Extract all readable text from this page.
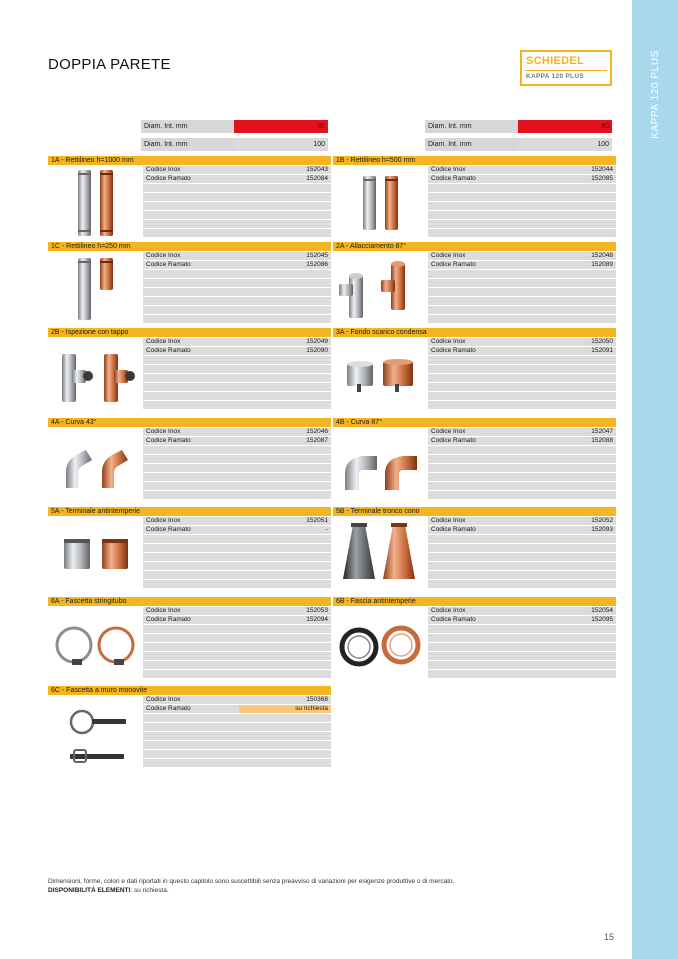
KAPPA 120 PLUS
DOPPIA PARETE	SCHIEDEL
KAPPA 120 PLUS
Diam. Int. mm	80
Diam. Int. mm	100
Diam. Int. mm	80
Diam. Int. mm	100
1A - Rettilineo h=1000 mm
Codice Inox	152043
Codice Ramato	152084
1B - Rettilineo h=500 mm
Codice Inox	152044
Codice Ramato	152085
1C - Rettilineo h=250 mm
Codice Inox	152045
Codice Ramato	152086
2A - Allacciamento 87°
Codice Inox	152048
Codice Ramato	152089
2B - Ispezione con tappo
Codice Inox	152049
Codice Ramato	152090
3A - Fondo scarico condensa
Codice Inox	152050
Codice Ramato	152091
4A - Curva 43°
Codice Inox	152046
Codice Ramato	152087
4B - Curva 87°
Codice Inox	152047
Codice Ramato	152088
5A - Terminale antintemperie
Codice Inox	152051
Codice Ramato	-
5B - Terminale tronco cono
Codice Inox	152052
Codice Ramato	152093
6A - Fascetta stringitubo
Codice Inox	152053
Codice Ramato	152094
6B - Fascia antintemperie
Codice Inox	152054
Codice Ramato	152095
6C - Fascetta a muro monovite
Codice Inox	150368
Codice Ramato	su richiesta
Dimensioni, forme, colori e dati riportati in questo capitolo sono suscettibili senza preavviso di variazioni per esigenze produttive o di mercato.
DISPONIBILITÀ ELEMENTI: su richiesta.
15
